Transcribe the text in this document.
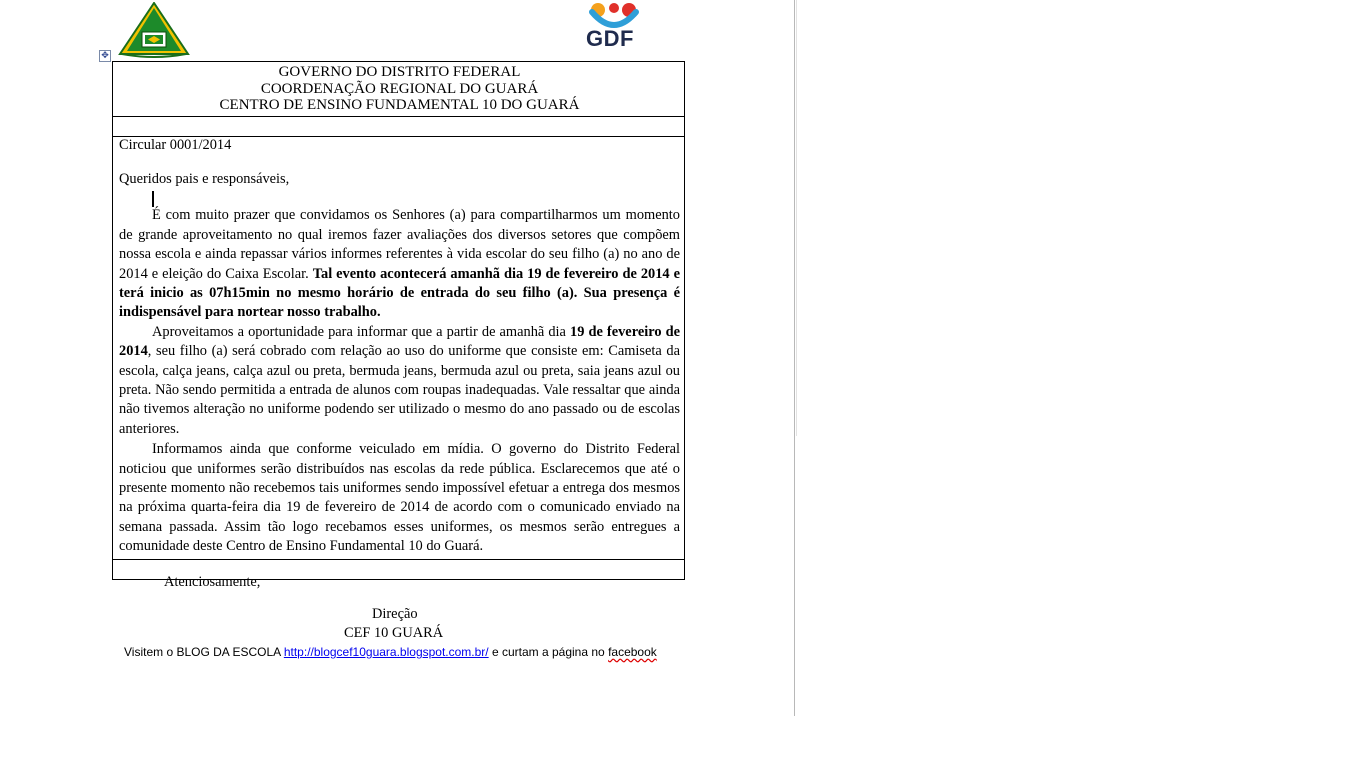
GDF
✥
GOVERNO DO DISTRITO FEDERAL
COORDENAÇÃO REGIONAL DO GUARÁ
CENTRO DE ENSINO FUNDAMENTAL 10 DO GUARÁ

Circular 0001/2014

Queridos pais e responsáveis,

É com muito prazer que convidamos os Senhores (a) para compartilharmos um momento de grande aproveitamento no qual iremos fazer avaliações dos diversos setores que compõem nossa escola e ainda repassar vários informes referentes à vida escolar do seu filho (a) no ano de 2014 e eleição do Caixa Escolar. Tal evento acontecerá amanhã dia 19 de fevereiro de 2014 e terá inicio as 07h15min no mesmo horário de entrada do seu filho (a). Sua presença é indispensável para nortear nosso trabalho.

Aproveitamos a oportunidade para informar que a partir de amanhã dia 19 de fevereiro de 2014, seu filho (a) será cobrado com relação ao uso do uniforme que consiste em: Camiseta da escola, calça jeans, calça azul ou preta, bermuda jeans, bermuda azul ou preta, saia jeans azul ou preta. Não sendo permitida a entrada de alunos com roupas inadequadas. Vale ressaltar que ainda não tivemos alteração no uniforme podendo ser utilizado o mesmo do ano passado ou de escolas anteriores.

Informamos ainda que conforme veiculado em mídia. O governo do Distrito Federal noticiou que uniformes serão distribuídos nas escolas da rede pública. Esclarecemos que até o presente momento não recebemos tais uniformes sendo impossível efetuar a entrega dos mesmos na próxima quarta-feira dia 19 de fevereiro de 2014 de acordo com o comunicado enviado na semana passada. Assim tão logo recebamos esses uniformes, os mesmos serão entregues a comunidade deste Centro de Ensino Fundamental 10 do Guará.

Atenciosamente,
Direção
CEF 10 GUARÁ
Visitem o BLOG DA ESCOLA http://blogcef10guara.blogspot.com.br/ e curtam a página no facebook
